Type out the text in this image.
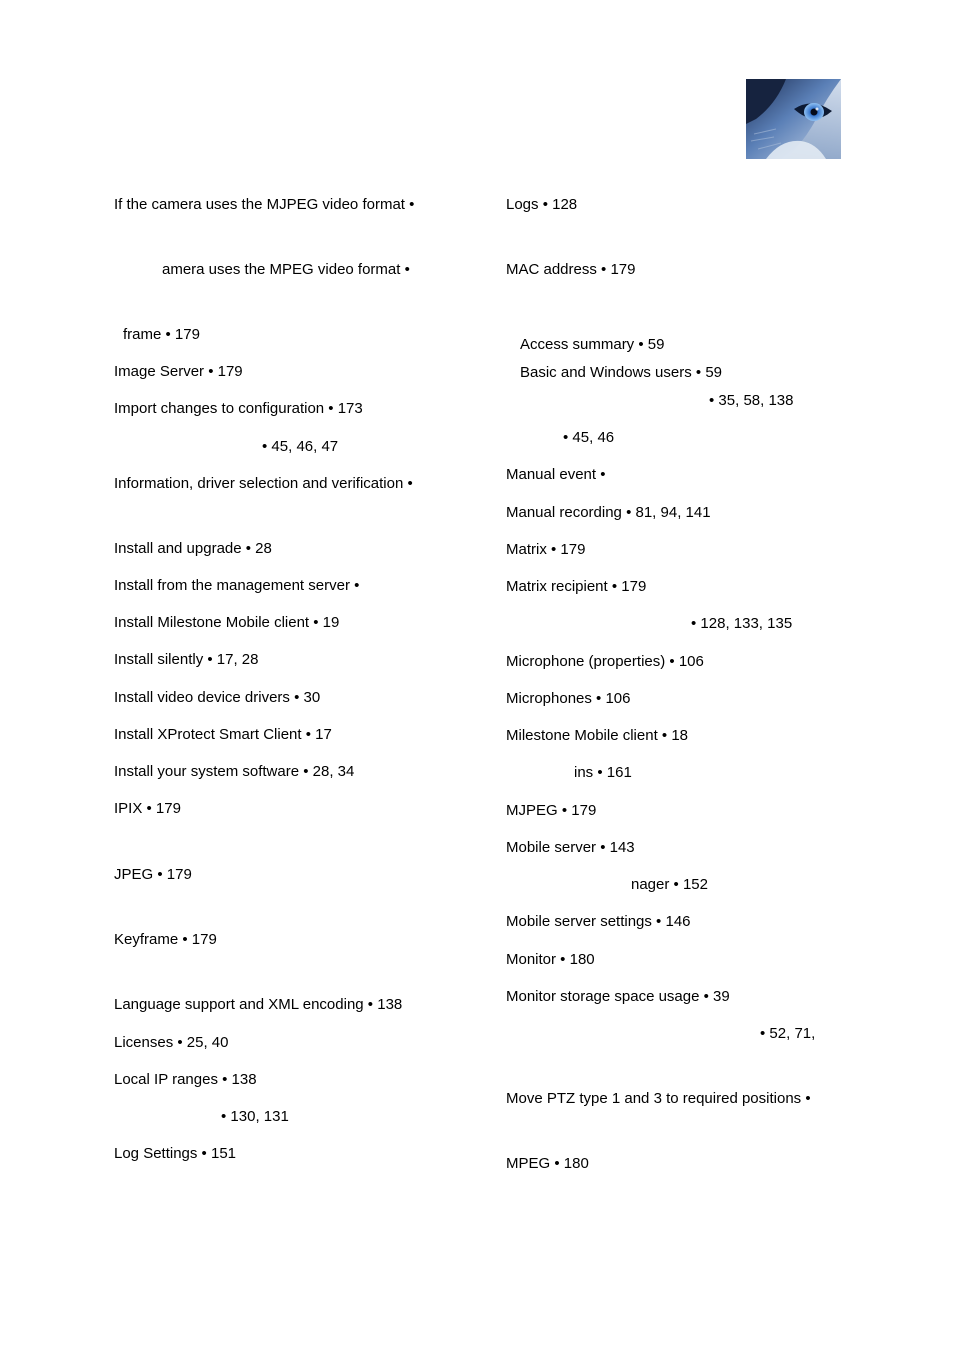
If the camera uses the MJPEG video format •
amera uses the MPEG video format •
frame • 179
Image Server • 179
Import changes to configuration • 173
• 45, 46, 47
Information, driver selection and verification •
Install and upgrade • 28
Install from the management server •
Install Milestone Mobile client • 19
Install silently • 17, 28
Install video device drivers • 30
Install XProtect Smart Client • 17
Install your system software • 28, 34
IPIX • 179
JPEG • 179
Keyframe • 179
Language support and XML encoding • 138
Licenses • 25, 40
Local IP ranges • 138
• 130, 131
Log Settings • 151
Logs • 128
MAC address • 179
Access summary • 59
Basic and Windows users • 59
• 35, 58, 138
• 45, 46
Manual event •
Manual recording • 81, 94, 141
Matrix • 179
Matrix recipient • 179
• 128, 133, 135
Microphone (properties) • 106
Microphones • 106
Milestone Mobile client • 18
ins • 161
MJPEG • 179
Mobile server • 143
nager • 152
Mobile server settings • 146
Monitor • 180
Monitor storage space usage • 39
• 52, 71,
Move PTZ type 1 and 3 to required positions •
MPEG • 180
